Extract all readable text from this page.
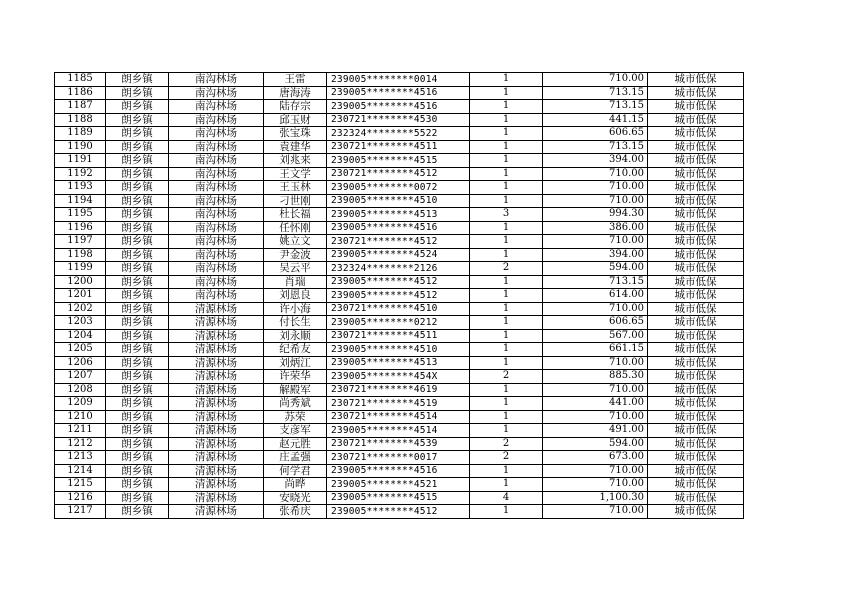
1185	朗乡镇	南沟林场	王雷	239005********0014	1	710.00	城市低保
1186	朗乡镇	南沟林场	唐海涛	239005********4516	1	713.15	城市低保
1187	朗乡镇	南沟林场	陆存宗	239005********4516	1	713.15	城市低保
1188	朗乡镇	南沟林场	邱玉财	230721********4530	1	441.15	城市低保
1189	朗乡镇	南沟林场	张宝珠	232324********5522	1	606.65	城市低保
1190	朗乡镇	南沟林场	袁建华	230721********4511	1	713.15	城市低保
1191	朗乡镇	南沟林场	刘兆来	239005********4515	1	394.00	城市低保
1192	朗乡镇	南沟林场	王文学	230721********4512	1	710.00	城市低保
1193	朗乡镇	南沟林场	王玉林	239005********0072	1	710.00	城市低保
1194	朗乡镇	南沟林场	刁世刚	239005********4510	1	710.00	城市低保
1195	朗乡镇	南沟林场	杜长福	239005********4513	3	994.30	城市低保
1196	朗乡镇	南沟林场	任怀刚	239005********4516	1	386.00	城市低保
1197	朗乡镇	南沟林场	姚立文	230721********4512	1	710.00	城市低保
1198	朗乡镇	南沟林场	尹金波	239005********4524	1	394.00	城市低保
1199	朗乡镇	南沟林场	吴云平	232324********2126	2	594.00	城市低保
1200	朗乡镇	南沟林场	肖瑞	239005********4512	1	713.15	城市低保
1201	朗乡镇	南沟林场	刘恩良	239005********4512	1	614.00	城市低保
1202	朗乡镇	清源林场	许小海	230721********4510	1	710.00	城市低保
1203	朗乡镇	清源林场	付长生	239005********0212	1	606.65	城市低保
1204	朗乡镇	清源林场	刘永顺	230721********4511	1	567.00	城市低保
1205	朗乡镇	清源林场	纪希友	239005********4510	1	661.15	城市低保
1206	朗乡镇	清源林场	刘炳江	239005********4513	1	710.00	城市低保
1207	朗乡镇	清源林场	许荣华	239005********454X	2	885.30	城市低保
1208	朗乡镇	清源林场	解殿军	230721********4619	1	710.00	城市低保
1209	朗乡镇	清源林场	尚秀斌	230721********4519	1	441.00	城市低保
1210	朗乡镇	清源林场	苏荣	230721********4514	1	710.00	城市低保
1211	朗乡镇	清源林场	支彦军	239005********4514	1	491.00	城市低保
1212	朗乡镇	清源林场	赵元胜	230721********4539	2	594.00	城市低保
1213	朗乡镇	清源林场	庄孟强	230721********0017	2	673.00	城市低保
1214	朗乡镇	清源林场	何学君	239005********4516	1	710.00	城市低保
1215	朗乡镇	清源林场	尚晔	239005********4521	1	710.00	城市低保
1216	朗乡镇	清源林场	安晓光	239005********4515	4	1,100.30	城市低保
1217	朗乡镇	清源林场	张希庆	239005********4512	1	710.00	城市低保
